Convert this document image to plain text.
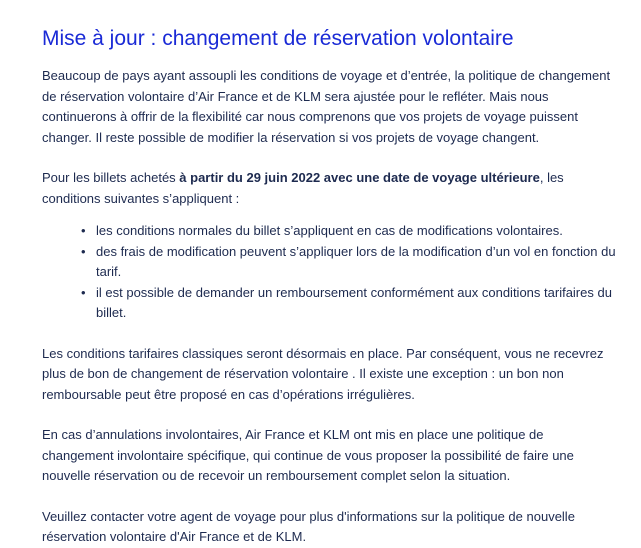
Mise à jour : changement de réservation volontaire

Beaucoup de pays ayant assoupli les conditions de voyage et d’entrée, la politique de changement de réservation volontaire d’Air France et de KLM sera ajustée pour le refléter. Mais nous continuerons à offrir de la flexibilité car nous comprenons que vos projets de voyage puissent changer. Il reste possible de modifier la réservation si vos projets de voyage changent.

Pour les billets achetés à partir du 29 juin 2022 avec une date de voyage ultérieure, les conditions suivantes s’appliquent :

• les conditions normales du billet s’appliquent en cas de modifications volontaires.
• des frais de modification peuvent s’appliquer lors de la modification d’un vol en fonction du tarif.
• il est possible de demander un remboursement conformément aux conditions tarifaires du billet.

Les conditions tarifaires classiques seront désormais en place. Par conséquent, vous ne recevrez plus de bon de changement de réservation volontaire . Il existe une exception : un bon non remboursable peut être proposé en cas d’opérations irrégulières.

En cas d’annulations involontaires, Air France et KLM ont mis en place une politique de changement involontaire spécifique, qui continue de vous proposer la possibilité de faire une nouvelle réservation ou de recevoir un remboursement complet selon la situation.

Veuillez contacter votre agent de voyage pour plus d'informations sur la politique de nouvelle réservation volontaire d'Air France et de KLM.
